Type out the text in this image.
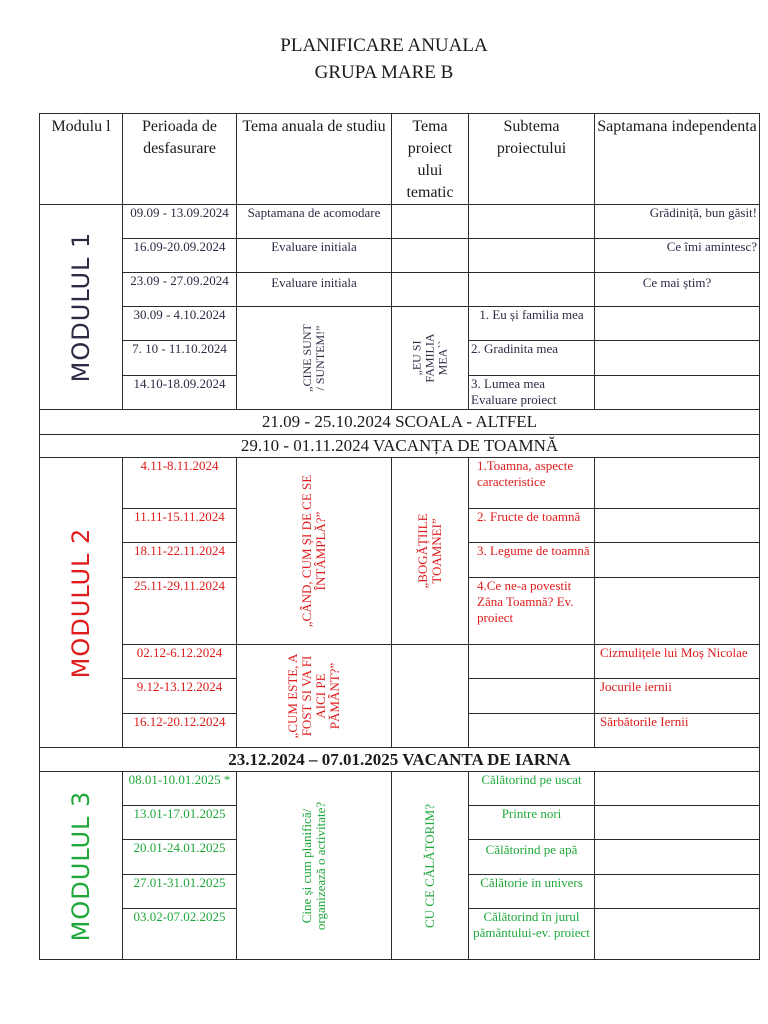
PLANIFICARE ANUALA
GRUPA MARE B
Modulu l	Perioada de desfasurare	Tema anuala de studiu	Tema proiect ului tematic	Subtema proiectului	Saptamana independenta

MODULUL 1	09.09 - 13.09.2024	Saptamana de acomodare			Grădiniță, bun găsit!
	16.09-20.09.2024	Evaluare initiala			Ce îmi amintesc?
	23.09 - 27.09.2024	Evaluare initiala			Ce mai știm?
	30.09 - 4.10.2024	„CINE SUNT / SUNTEM!”	„EU SI FAMILIA MEA``	1. Eu și familia mea	
	7. 10 - 11.10.2024			2. Gradinita mea	
	14.10-18.09.2024			3. Lumea mea Evaluare proiect	
21.09 - 25.10.2024 SCOALA - ALTFEL					
29.10 - 01.11.2024 VACANȚA DE TOAMNĂ					

MODULUL 2	4.11-8.11.2024	„CÂND, CUM ȘI DE CE SE ÎNTÂMPLĂ?”	„BOGĂȚIILE TOAMNEI”	1.Toamna, aspecte caracteristice	
	11.11-15.11.2024			2. Fructe de toamnă	
	18.11-22.11.2024			3. Legume de toamnă	
	25.11-29.11.2024			4.Ce ne-a povestit Zâna Toamnă? Ev. proiect	
	02.12-6.12.2024	„CUM ESTE, A FOST SI VA FI AICI PE PĂMÂNT?”			Cizmulițele lui Moș Nicolae
	9.12-13.12.2024				Jocurile iernii
	16.12-20.12.2024				Sărbătorile Iernii
23.12.2024 – 07.01.2025 VACANTA DE IARNA					

MODULUL 3	08.01-10.01.2025 *	Cine și cum planifică/ organizează o activitate?	CU CE CĂLĂTORIM?	Călătorind pe uscat	
	13.01-17.01.2025			Printre nori	
	20.01-24.01.2025			Călătorind pe apă	
	27.01-31.01.2025			Călătorie in univers	
	03.02-07.02.2025			Călătorind în jurul pământului-ev. proiect	
